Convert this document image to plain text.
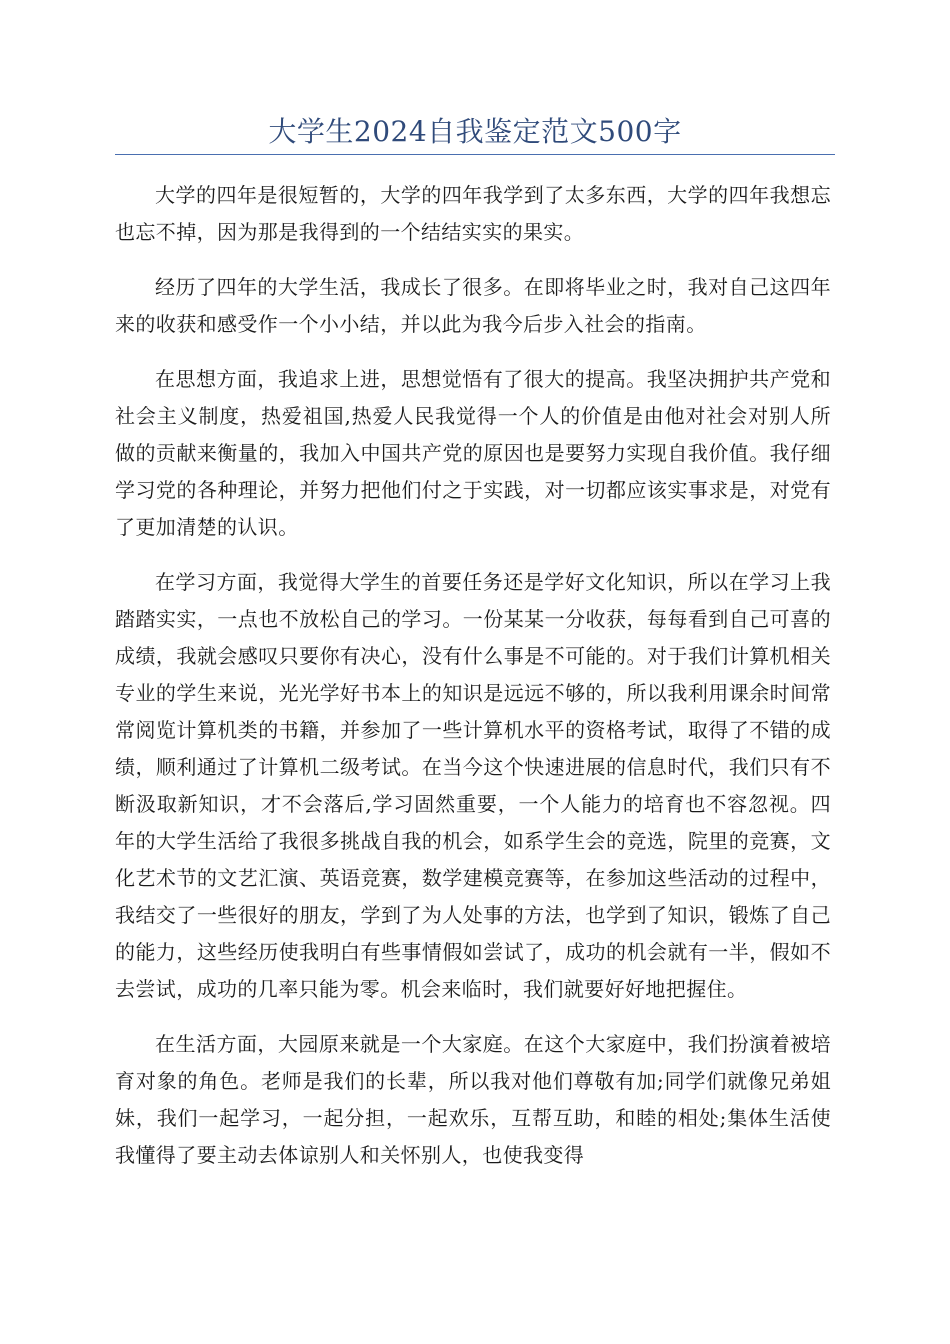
大学生2024自我鉴定范文500字

大学的四年是很短暂的，大学的四年我学到了太多东西，大学的四年我想忘也忘不掉，因为那是我得到的一个结结实实的果实。

经历了四年的大学生活，我成长了很多。在即将毕业之时，我对自己这四年来的收获和感受作一个小小结，并以此为我今后步入社会的指南。

在思想方面，我追求上进，思想觉悟有了很大的提高。我坚决拥护共产党和社会主义制度，热爱祖国,热爱人民我觉得一个人的价值是由他对社会对别人所做的贡献来衡量的，我加入中国共产党的原因也是要努力实现自我价值。我仔细学习党的各种理论，并努力把他们付之于实践，对一切都应该实事求是，对党有了更加清楚的认识。

在学习方面，我觉得大学生的首要任务还是学好文化知识，所以在学习上我踏踏实实，一点也不放松自己的学习。一份某某一分收获，每每看到自己可喜的成绩，我就会感叹只要你有决心，没有什么事是不可能的。对于我们计算机相关专业的学生来说，光光学好书本上的知识是远远不够的，所以我利用课余时间常常阅览计算机类的书籍，并参加了一些计算机水平的资格考试，取得了不错的成绩，顺利通过了计算机二级考试。在当今这个快速进展的信息时代，我们只有不断汲取新知识，才不会落后,学习固然重要，一个人能力的培育也不容忽视。四年的大学生活给了我很多挑战自我的机会，如系学生会的竞选，院里的竞赛，文化艺术节的文艺汇演、英语竞赛，数学建模竞赛等，在参加这些活动的过程中，我结交了一些很好的朋友，学到了为人处事的方法，也学到了知识，锻炼了自己的能力，这些经历使我明白有些事情假如尝试了，成功的机会就有一半，假如不去尝试，成功的几率只能为零。机会来临时，我们就要好好地把握住。

在生活方面，大园原来就是一个大家庭。在这个大家庭中，我们扮演着被培育对象的角色。老师是我们的长辈，所以我对他们尊敬有加;同学们就像兄弟姐妹，我们一起学习，一起分担，一起欢乐，互帮互助，和睦的相处;集体生活使我懂得了要主动去体谅别人和关怀别人，也使我变得
